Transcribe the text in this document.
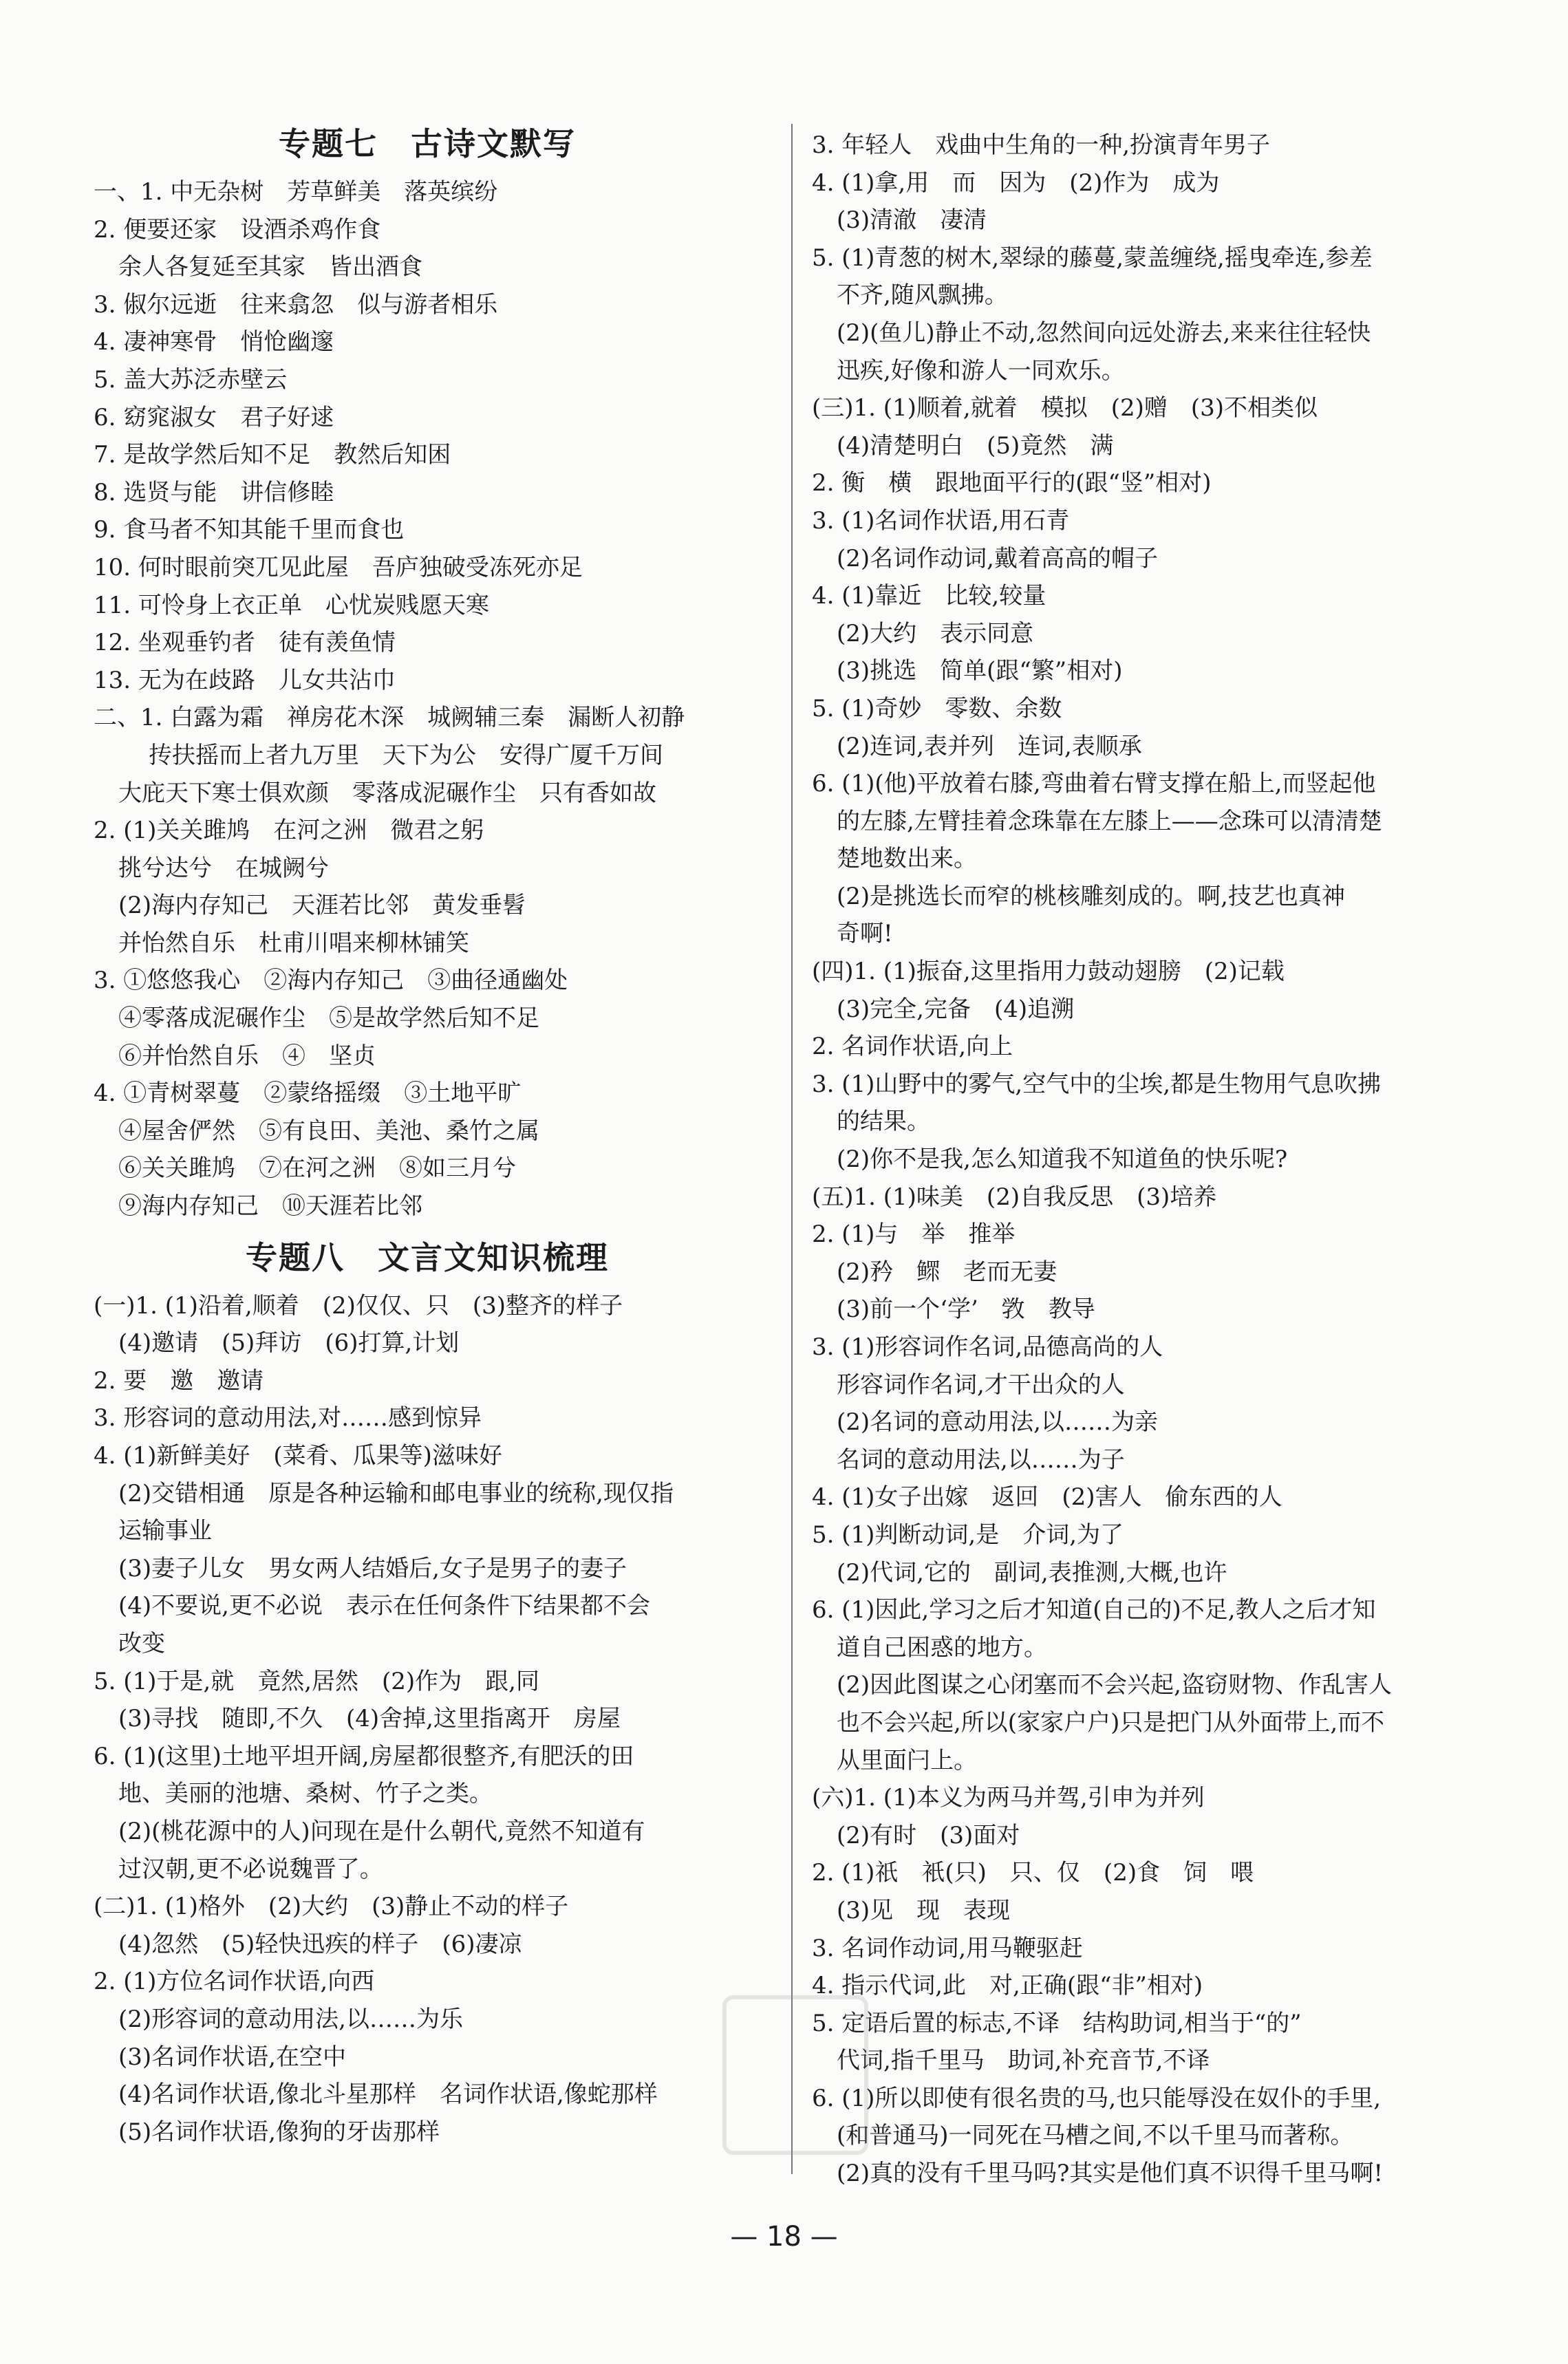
专题七　古诗文默写
一、1. 中无杂树　芳草鲜美　落英缤纷
2. 便要还家　设酒杀鸡作食
余人各复延至其家　皆出酒食
3. 俶尔远逝　往来翕忽　似与游者相乐
4. 凄神寒骨　悄怆幽邃
5. 盖大苏泛赤壁云
6. 窈窕淑女　君子好逑
7. 是故学然后知不足　教然后知困
8. 选贤与能　讲信修睦
9. 食马者不知其能千里而食也
10. 何时眼前突兀见此屋　吾庐独破受冻死亦足
11. 可怜身上衣正单　心忧炭贱愿天寒
12. 坐观垂钓者　徒有羡鱼情
13. 无为在歧路　儿女共沾巾
二、1. 白露为霜　禅房花木深　城阙辅三秦　漏断人初静
抟扶摇而上者九万里　天下为公　安得广厦千万间
大庇天下寒士俱欢颜　零落成泥碾作尘　只有香如故
2. (1)关关雎鸠　在河之洲　微君之躬
挑兮达兮　在城阙兮
(2)海内存知己　天涯若比邻　黄发垂髫
并怡然自乐　杜甫川唱来柳林铺笑
3. ①悠悠我心　②海内存知己　③曲径通幽处
④零落成泥碾作尘　⑤是故学然后知不足
⑥并怡然自乐　④　坚贞
4. ①青树翠蔓　②蒙络摇缀　③土地平旷
④屋舍俨然　⑤有良田、美池、桑竹之属
⑥关关雎鸠　⑦在河之洲　⑧如三月兮
⑨海内存知己　⑩天涯若比邻
专题八　文言文知识梳理
(一)1. (1)沿着,顺着　(2)仅仅、只　(3)整齐的样子
(4)邀请　(5)拜访　(6)打算,计划
2. 要　邀　邀请
3. 形容词的意动用法,对……感到惊异
4. (1)新鲜美好　(菜肴、瓜果等)滋味好
(2)交错相通　原是各种运输和邮电事业的统称,现仅指
运输事业
(3)妻子儿女　男女两人结婚后,女子是男子的妻子
(4)不要说,更不必说　表示在任何条件下结果都不会
改变
5. (1)于是,就　竟然,居然　(2)作为　跟,同
(3)寻找　随即,不久　(4)舍掉,这里指离开　房屋
6. (1)(这里)土地平坦开阔,房屋都很整齐,有肥沃的田
地、美丽的池塘、桑树、竹子之类。
(2)(桃花源中的人)问现在是什么朝代,竟然不知道有
过汉朝,更不必说魏晋了。
(二)1. (1)格外　(2)大约　(3)静止不动的样子
(4)忽然　(5)轻快迅疾的样子　(6)凄凉
2. (1)方位名词作状语,向西
(2)形容词的意动用法,以……为乐
(3)名词作状语,在空中
(4)名词作状语,像北斗星那样　名词作状语,像蛇那样
(5)名词作状语,像狗的牙齿那样
3. 年轻人　戏曲中生角的一种,扮演青年男子
4. (1)拿,用　而　因为　(2)作为　成为
(3)清澈　凄清
5. (1)青葱的树木,翠绿的藤蔓,蒙盖缠绕,摇曳牵连,参差
不齐,随风飘拂。
(2)(鱼儿)静止不动,忽然间向远处游去,来来往往轻快
迅疾,好像和游人一同欢乐。
(三)1. (1)顺着,就着　模拟　(2)赠　(3)不相类似
(4)清楚明白　(5)竟然　满
2. 衡　横　跟地面平行的(跟“竖”相对)
3. (1)名词作状语,用石青
(2)名词作动词,戴着高高的帽子
4. (1)靠近　比较,较量
(2)大约　表示同意
(3)挑选　简单(跟“繁”相对)
5. (1)奇妙　零数、余数
(2)连词,表并列　连词,表顺承
6. (1)(他)平放着右膝,弯曲着右臂支撑在船上,而竖起他
的左膝,左臂挂着念珠靠在左膝上——念珠可以清清楚
楚地数出来。
(2)是挑选长而窄的桃核雕刻成的。啊,技艺也真神
奇啊!
(四)1. (1)振奋,这里指用力鼓动翅膀　(2)记载
(3)完全,完备　(4)追溯
2. 名词作状语,向上
3. (1)山野中的雾气,空气中的尘埃,都是生物用气息吹拂
的结果。
(2)你不是我,怎么知道我不知道鱼的快乐呢?
(五)1. (1)味美　(2)自我反思　(3)培养
2. (1)与　举　推举
(2)矜　鳏　老而无妻
(3)前一个‘学’　敩　教导
3. (1)形容词作名词,品德高尚的人
形容词作名词,才干出众的人
(2)名词的意动用法,以……为亲
名词的意动用法,以……为子
4. (1)女子出嫁　返回　(2)害人　偷东西的人
5. (1)判断动词,是　介词,为了
(2)代词,它的　副词,表推测,大概,也许
6. (1)因此,学习之后才知道(自己的)不足,教人之后才知
道自己困惑的地方。
(2)因此图谋之心闭塞而不会兴起,盗窃财物、作乱害人
也不会兴起,所以(家家户户)只是把门从外面带上,而不
从里面闩上。
(六)1. (1)本义为两马并驾,引申为并列
(2)有时　(3)面对
2. (1)祇　衹(只)　只、仅　(2)食　饲　喂
(3)见　现　表现
3. 名词作动词,用马鞭驱赶
4. 指示代词,此　对,正确(跟“非”相对)
5. 定语后置的标志,不译　结构助词,相当于“的”
代词,指千里马　助词,补充音节,不译
6. (1)所以即使有很名贵的马,也只能辱没在奴仆的手里,
(和普通马)一同死在马槽之间,不以千里马而著称。
(2)真的没有千里马吗?其实是他们真不识得千里马啊!
— 18 —
